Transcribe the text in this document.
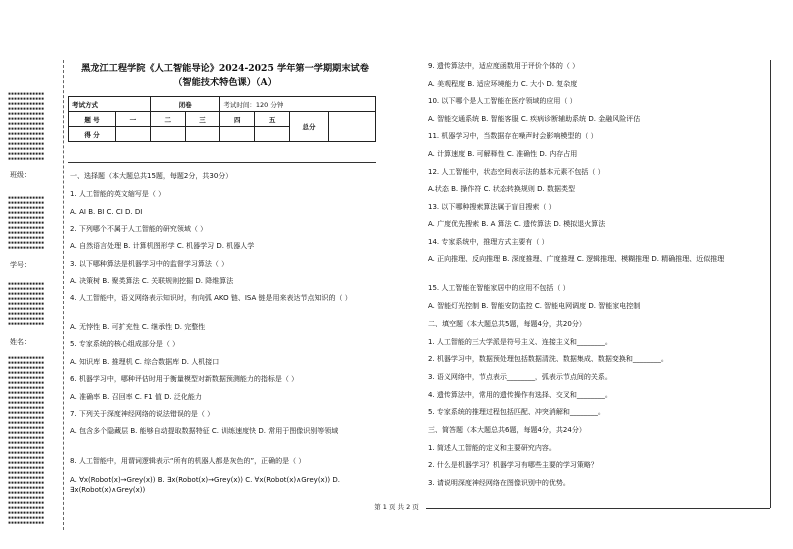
▪▪▪▪▪▪▪▪▪▪▪▪
▪▪▪▪▪▪▪▪▪▪▪▪
▪▪▪▪▪▪▪▪▪▪▪▪
▪▪▪▪▪▪▪▪▪▪▪▪
▪▪▪▪▪▪▪▪▪▪▪▪
▪▪▪▪▪▪▪▪▪▪▪▪
▪▪▪▪▪▪▪▪▪▪▪▪
▪▪▪▪▪▪▪▪▪▪▪▪
▪▪▪▪▪▪▪▪▪▪▪▪
▪▪▪▪▪▪▪▪▪▪▪▪
▪▪▪▪▪▪▪▪▪▪▪▪
▪▪▪▪▪▪▪▪▪▪▪▪
▪▪▪▪▪▪▪▪▪▪▪▪
▪▪▪▪▪▪▪▪▪▪▪▪
班级：
▪▪▪▪▪▪▪▪▪▪▪▪
▪▪▪▪▪▪▪▪▪▪▪▪
▪▪▪▪▪▪▪▪▪▪▪▪
▪▪▪▪▪▪▪▪▪▪▪▪
▪▪▪▪▪▪▪▪▪▪▪▪
▪▪▪▪▪▪▪▪▪▪▪▪
▪▪▪▪▪▪▪▪▪▪▪▪
▪▪▪▪▪▪▪▪▪▪▪▪
▪▪▪▪▪▪▪▪▪▪▪▪
▪▪▪▪▪▪▪▪▪▪▪▪
▪▪▪▪▪▪▪▪▪▪▪▪
学号：
▪▪▪▪▪▪▪▪▪▪▪▪
▪▪▪▪▪▪▪▪▪▪▪▪
▪▪▪▪▪▪▪▪▪▪▪▪
▪▪▪▪▪▪▪▪▪▪▪▪
▪▪▪▪▪▪▪▪▪▪▪▪
▪▪▪▪▪▪▪▪▪▪▪▪
▪▪▪▪▪▪▪▪▪▪▪▪
▪▪▪▪▪▪▪▪▪▪▪▪
▪▪▪▪▪▪▪▪▪▪▪▪
姓名：
▪▪▪▪▪▪▪▪▪▪▪▪
▪▪▪▪▪▪▪▪▪▪▪▪
▪▪▪▪▪▪▪▪▪▪▪▪
▪▪▪▪▪▪▪▪▪▪▪▪
▪▪▪▪▪▪▪▪▪▪▪▪
▪▪▪▪▪▪▪▪▪▪▪▪
▪▪▪▪▪▪▪▪▪▪▪▪
▪▪▪▪▪▪▪▪▪▪▪▪
▪▪▪▪▪▪▪▪▪▪▪▪
▪▪▪▪▪▪▪▪▪▪▪▪
▪▪▪▪▪▪▪▪▪▪▪▪
▪▪▪▪▪▪▪▪▪▪▪▪
▪▪▪▪▪▪▪▪▪▪▪▪
▪▪▪▪▪▪▪▪▪▪▪▪
▪▪▪▪▪▪▪▪▪▪▪▪
▪▪▪▪▪▪▪▪▪▪▪▪
▪▪▪▪▪▪▪▪▪▪▪▪
▪▪▪▪▪▪▪▪▪▪▪▪
▪▪▪▪▪▪▪▪▪▪▪▪
▪▪▪▪▪▪▪▪▪▪▪▪
▪▪▪▪▪▪▪▪▪▪▪▪
▪▪▪▪▪▪▪▪▪▪▪▪
▪▪▪▪▪▪▪▪▪▪▪▪
▪▪▪▪▪▪▪▪▪▪▪▪
▪▪▪▪▪▪▪▪▪▪▪▪
▪▪▪▪▪▪▪▪▪▪▪▪
▪▪▪▪▪▪▪▪▪▪▪▪
▪▪▪▪▪▪▪▪▪▪▪▪
▪▪▪▪▪▪▪▪▪▪▪▪
▪▪▪▪▪▪▪▪▪▪▪▪
▪▪▪▪▪▪▪▪▪▪▪▪
▪▪▪▪▪▪▪▪▪▪▪▪
▪▪▪▪▪▪▪▪▪▪▪▪
▪▪▪▪▪▪▪▪▪▪▪▪
黑龙江工程学院《人工智能导论》2024-2025 学年第一学期期末试卷
（智能技术特色课）（A）
考试方式		闭卷		考试时间：120 分钟			
题 号	一	二	三	四	五	总分	
得 分							
一、选择题（本大题总共15题，每题2分，共30分）
1. 人工智能的英文缩写是（ ）
A. AI B. BI C. CI D. DI
2. 下列哪个不属于人工智能的研究领域（ ）
A. 自然语言处理 B. 计算机图形学 C. 机器学习 D. 机器人学
3. 以下哪种算法是机器学习中的监督学习算法（ ）
A. 决策树 B. 聚类算法 C. 关联规则挖掘 D. 降维算法
4. 人工智能中，语义网络表示知识时，有向弧 AKO 链、ISA 链是用来表达节点知识的（ ）
A. 无悖性 B. 可扩充性 C. 继承性 D. 完整性
5. 专家系统的核心组成部分是（ ）
A. 知识库 B. 推理机 C. 综合数据库 D. 人机接口
6. 机器学习中，哪种评估时用于衡量模型对新数据预测能力的指标是（ ）
A. 准确率 B. 召回率 C. F1 值 D. 泛化能力
7. 下列关于深度神经网络的说法错误的是（ ）
A. 包含多个隐藏层 B. 能够自动提取数据特征 C. 训练速度快 D. 常用于图像识别等领域
8. 人工智能中，用谓词逻辑表示“所有的机器人都是灰色的”，正确的是（ ）
A. ∀x(Robot(x)→Grey(x)) B. ∃x(Robot(x)→Grey(x)) C. ∀x(Robot(x)∧Grey(x)) D. ∃x(Robot(x)∧Grey(x))
9. 遗传算法中，适应度函数用于评价个体的（ ）
A. 美观程度 B. 适应环境能力 C. 大小 D. 复杂度
10. 以下哪个是人工智能在医疗领域的应用（ ）
A. 智能交通系统 B. 智能客服 C. 疾病诊断辅助系统 D. 金融风险评估
11. 机器学习中，当数据存在噪声时会影响模型的（ ）
A. 计算速度 B. 可解释性 C. 准确性 D. 内存占用
12. 人工智能中，状态空间表示法的基本元素不包括（ ）
A.状态 B. 操作符 C. 状态转换规则 D. 数据类型
13. 以下哪种搜索算法属于盲目搜索（ ）
A. 广度优先搜索 B. A 算法 C. 遗传算法 D. 模拟退火算法
14. 专家系统中，推理方式主要有（ ）
A. 正向推理、反向推理 B. 深度推理、广度推理 C. 逻辑推理、模糊推理 D. 精确推理、近似推理
15. 人工智能在智能家居中的应用不包括（ ）
A. 智能灯光控制 B. 智能安防监控 C. 智能电网调度 D. 智能家电控制
二、填空题（本大题总共5题，每题4分，共20分）
1. 人工智能的三大学派是符号主义、连接主义和________。
2. 机器学习中，数据预处理包括数据清洗、数据集成、数据变换和________。
3. 语义网络中，节点表示________，弧表示节点间的关系。
4. 遗传算法中，常用的遗传操作有选择、交叉和________。
5. 专家系统的推理过程包括匹配、冲突消解和________。
三、简答题（本大题总共6题，每题4分，共24分）
1. 简述人工智能的定义和主要研究内容。
2. 什么是机器学习？机器学习有哪些主要的学习策略？
3. 请说明深度神经网络在图像识别中的优势。
第 1 页 共 2 页
